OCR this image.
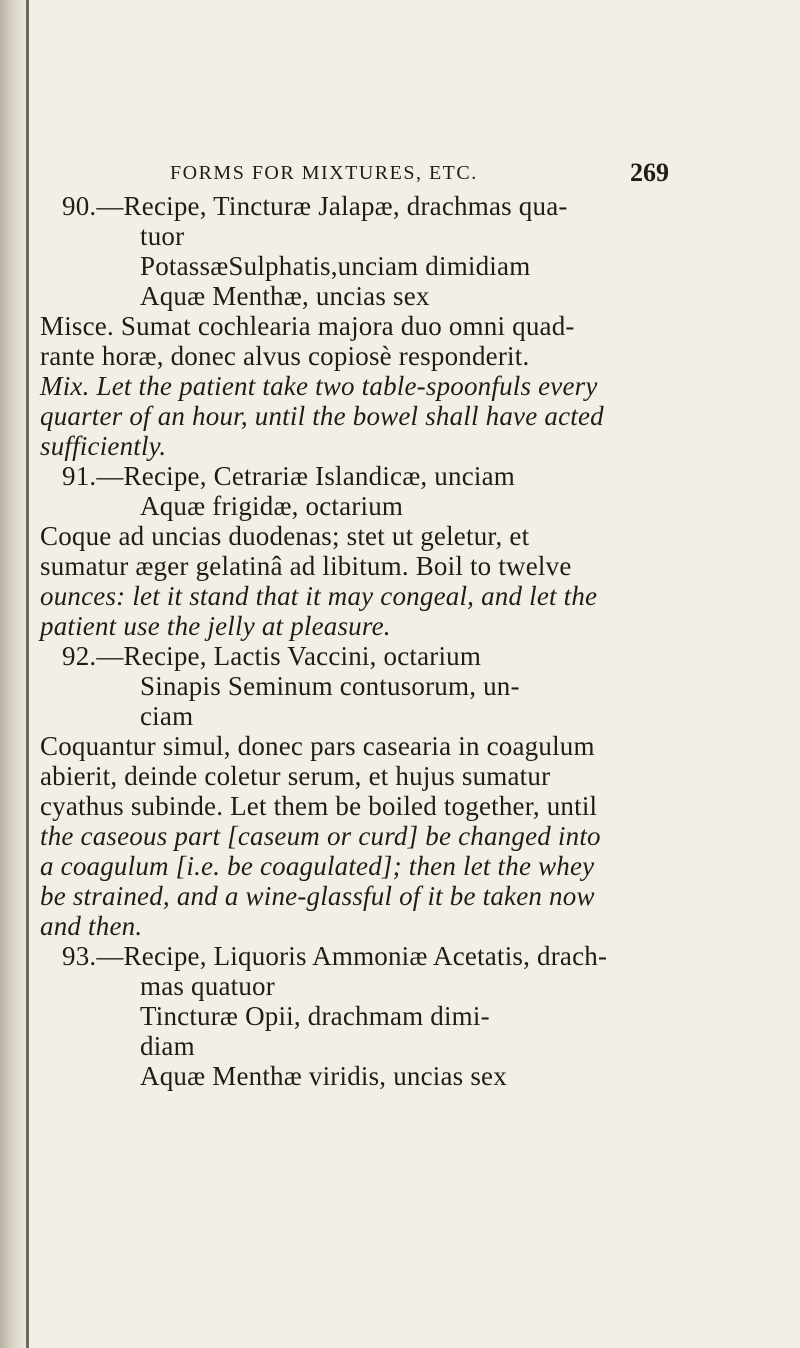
FORMS FOR MIXTURES, ETC.	269
90.—Recipe, Tincturæ Jalapæ, drachmas qua-
tuor
PotassæSulphatis,unciam dimidiam
Aquæ Menthæ, uncias sex
Misce. Sumat cochlearia majora duo omni quad-
rante horæ, donec alvus copiosè responderit.
Mix. Let the patient take two table-spoonfuls every
quarter of an hour, until the bowel shall have acted
sufficiently.
91.—Recipe, Cetrariæ Islandicæ, unciam
Aquæ frigidæ, octarium
Coque ad uncias duodenas; stet ut geletur, et
sumatur æger gelatinâ ad libitum. Boil to twelve
ounces: let it stand that it may congeal, and let the
patient use the jelly at pleasure.
92.—Recipe, Lactis Vaccini, octarium
Sinapis Seminum contusorum, un-
ciam
Coquantur simul, donec pars casearia in coagulum
abierit, deinde coletur serum, et hujus sumatur
cyathus subinde. Let them be boiled together, until
the caseous part [caseum or curd] be changed into
a coagulum [i.e. be coagulated]; then let the whey
be strained, and a wine-glassful of it be taken now
and then.
93.—Recipe, Liquoris Ammoniæ Acetatis, drach-
mas quatuor
Tincturæ Opii, drachmam dimi-
diam
Aquæ Menthæ viridis, uncias sex
